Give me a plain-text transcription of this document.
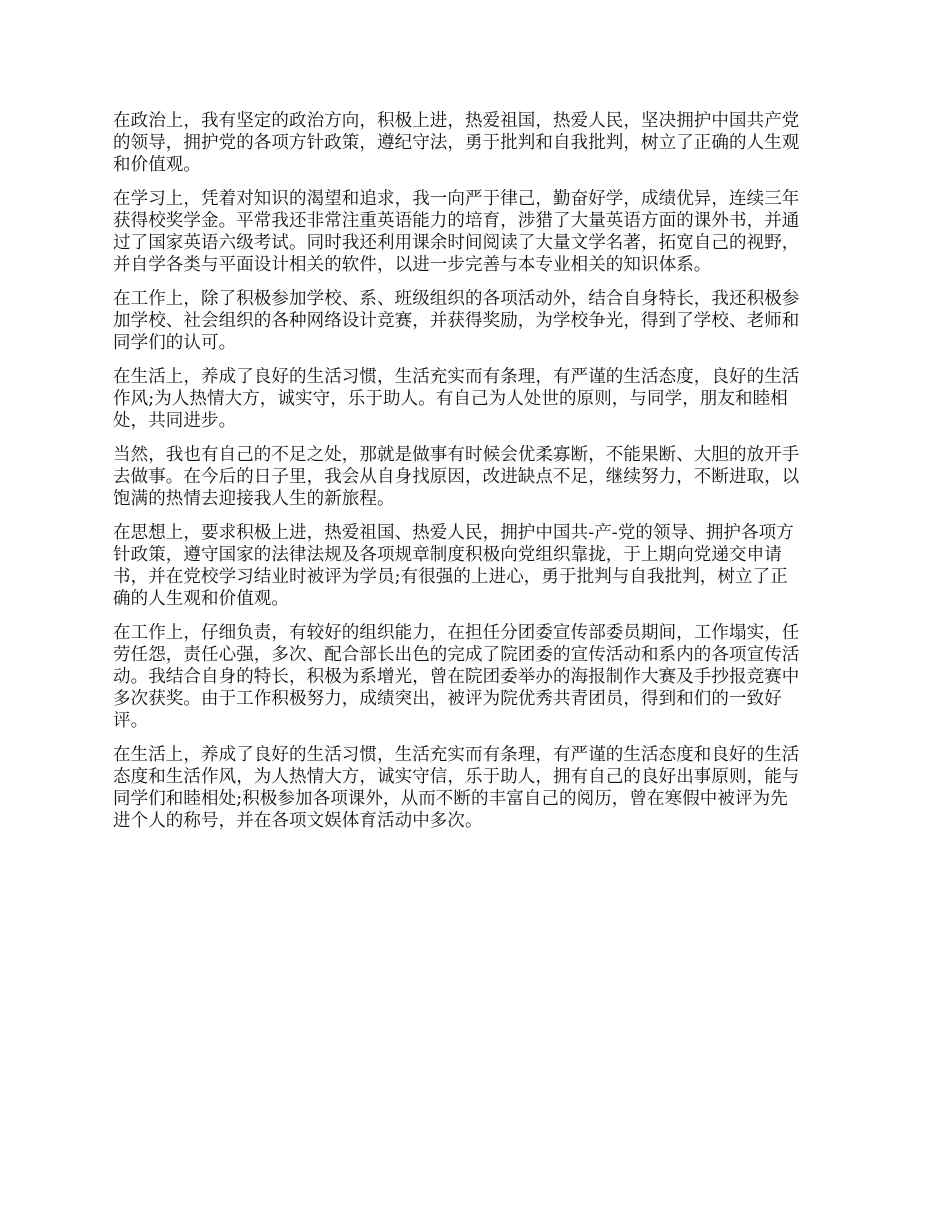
在政治上，我有坚定的政治方向，积极上进，热爱祖国，热爱人民，坚决拥护中国共产党
的领导，拥护党的各项方针政策，遵纪守法，勇于批判和自我批判，树立了正确的人生观
和价值观。

在学习上，凭着对知识的渴望和追求，我一向严于律己，勤奋好学，成绩优异，连续三年
获得校奖学金。平常我还非常注重英语能力的培育，涉猎了大量英语方面的课外书，并通
过了国家英语六级考试。同时我还利用课余时间阅读了大量文学名著，拓宽自己的视野，
并自学各类与平面设计相关的软件，以进一步完善与本专业相关的知识体系。

在工作上，除了积极参加学校、系、班级组织的各项活动外，结合自身特长，我还积极参
加学校、社会组织的各种网络设计竞赛，并获得奖励，为学校争光，得到了学校、老师和
同学们的认可。

在生活上，养成了良好的生活习惯，生活充实而有条理，有严谨的生活态度，良好的生活
作风;为人热情大方，诚实守，乐于助人。有自己为人处世的原则，与同学，朋友和睦相
处，共同进步。

当然，我也有自己的不足之处，那就是做事有时候会优柔寡断，不能果断、大胆的放开手
去做事。在今后的日子里，我会从自身找原因，改进缺点不足，继续努力，不断进取，以
饱满的热情去迎接我人生的新旅程。

在思想上，要求积极上进，热爱祖国、热爱人民，拥护中国共-产-党的领导、拥护各项方
针政策，遵守国家的法律法规及各项规章制度积极向党组织靠拢，于上期向党递交申请
书，并在党校学习结业时被评为学员;有很强的上进心，勇于批判与自我批判，树立了正
确的人生观和价值观。

在工作上，仔细负责，有较好的组织能力，在担任分团委宣传部委员期间，工作塌实，任
劳任怨，责任心强，多次、配合部长出色的完成了院团委的宣传活动和系内的各项宣传活
动。我结合自身的特长，积极为系增光，曾在院团委举办的海报制作大赛及手抄报竞赛中
多次获奖。由于工作积极努力，成绩突出，被评为院优秀共青团员，得到和们的一致好
评。

在生活上，养成了良好的生活习惯，生活充实而有条理，有严谨的生活态度和良好的生活
态度和生活作风，为人热情大方，诚实守信，乐于助人，拥有自己的良好出事原则，能与
同学们和睦相处;积极参加各项课外，从而不断的丰富自己的阅历，曾在寒假中被评为先
进个人的称号，并在各项文娱体育活动中多次。
